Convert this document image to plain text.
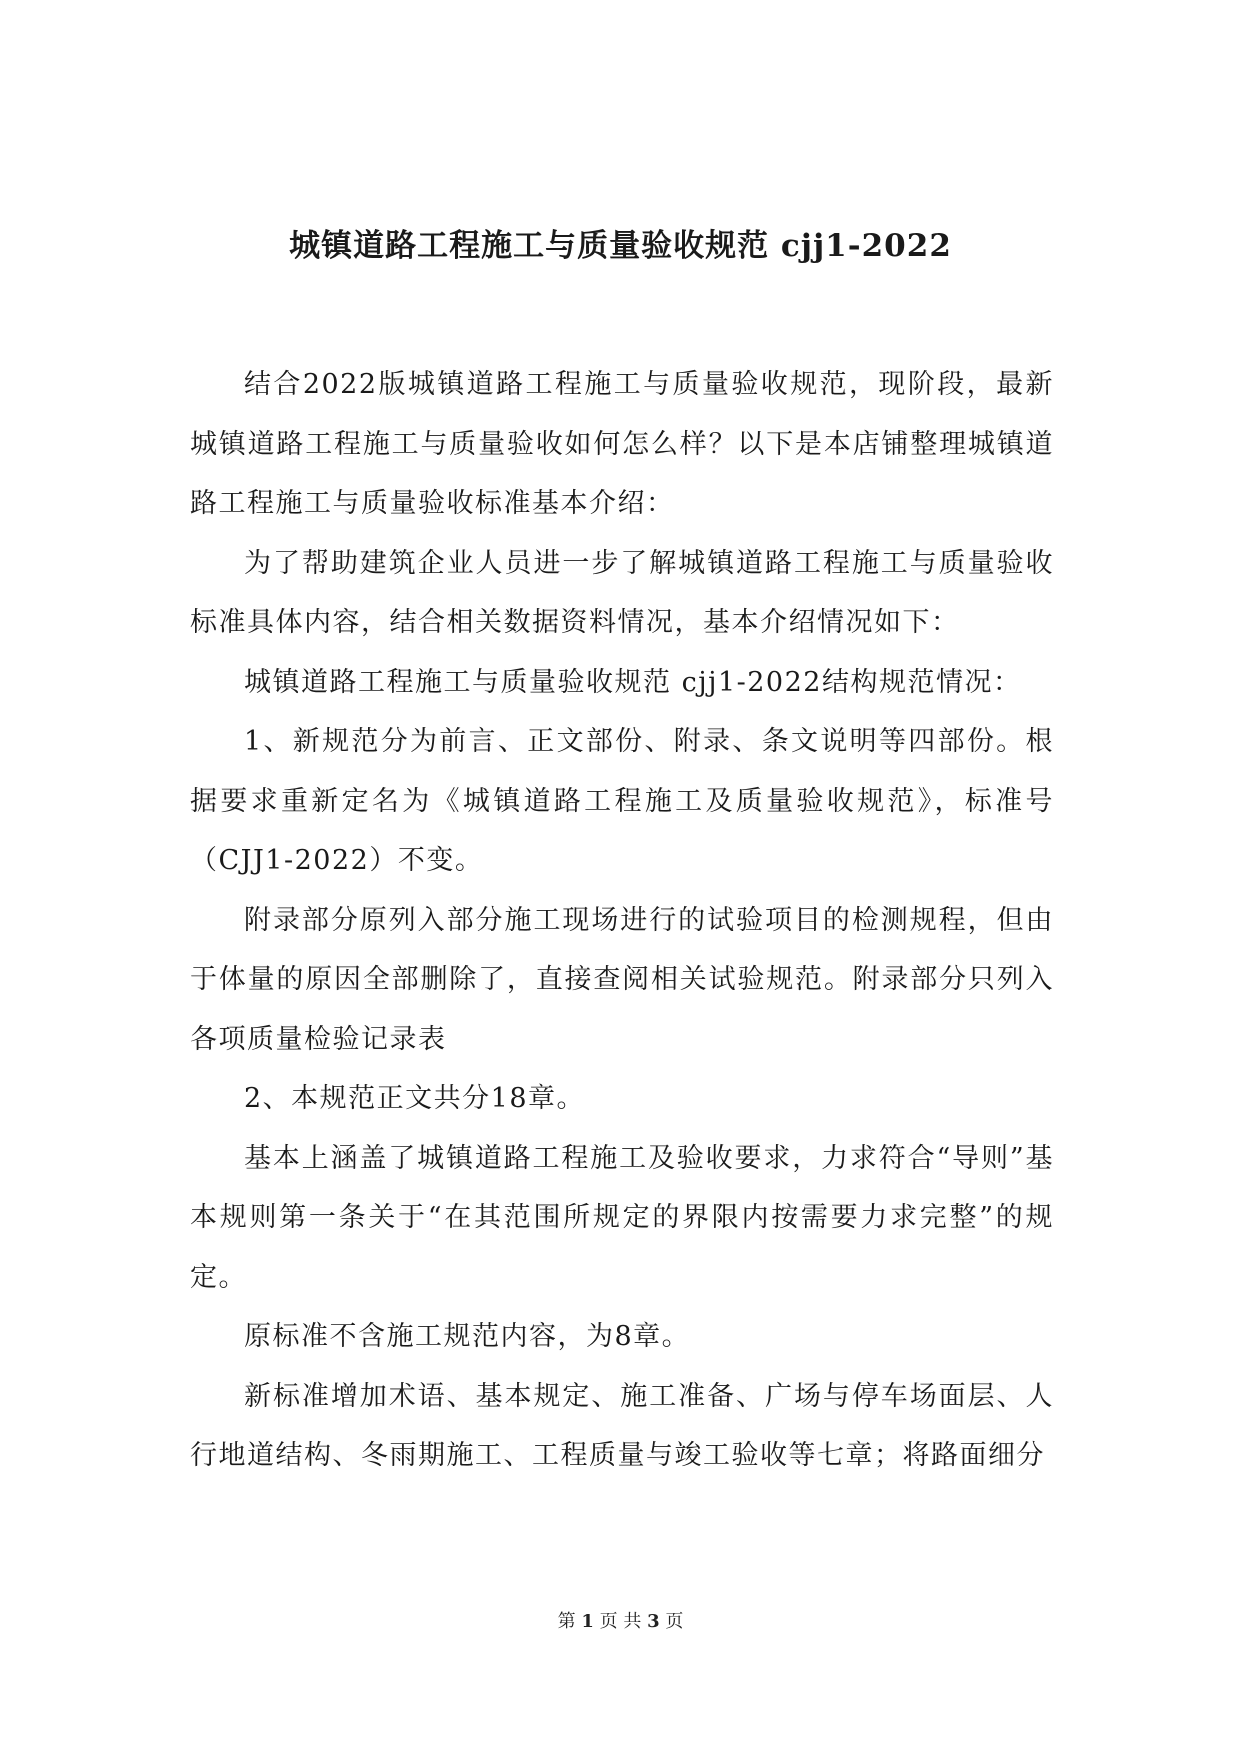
城镇道路工程施工与质量验收规范 cjj1-2022

结合2022版城镇道路工程施工与质量验收规范，现阶段，最新城镇道路工程施工与质量验收如何怎么样？以下是本店铺整理城镇道路工程施工与质量验收标准基本介绍：

为了帮助建筑企业人员进一步了解城镇道路工程施工与质量验收标准具体内容，结合相关数据资料情况，基本介绍情况如下：

城镇道路工程施工与质量验收规范 cjj1-2022结构规范情况：

1、新规范分为前言、正文部份、附录、条文说明等四部份。根据要求重新定名为《城镇道路工程施工及质量验收规范》，标准号（CJJ1-2022）不变。

附录部分原列入部分施工现场进行的试验项目的检测规程，但由于体量的原因全部删除了，直接查阅相关试验规范。附录部分只列入各项质量检验记录表

2、本规范正文共分18章。

基本上涵盖了城镇道路工程施工及验收要求，力求符合“导则”基本规则第一条关于“在其范围所规定的界限内按需要力求完整”的规定。

原标准不含施工规范内容，为8章。

新标准增加术语、基本规定、施工准备、广场与停车场面层、人行地道结构、冬雨期施工、工程质量与竣工验收等七章；将路面细分

第 1 页 共 3 页
